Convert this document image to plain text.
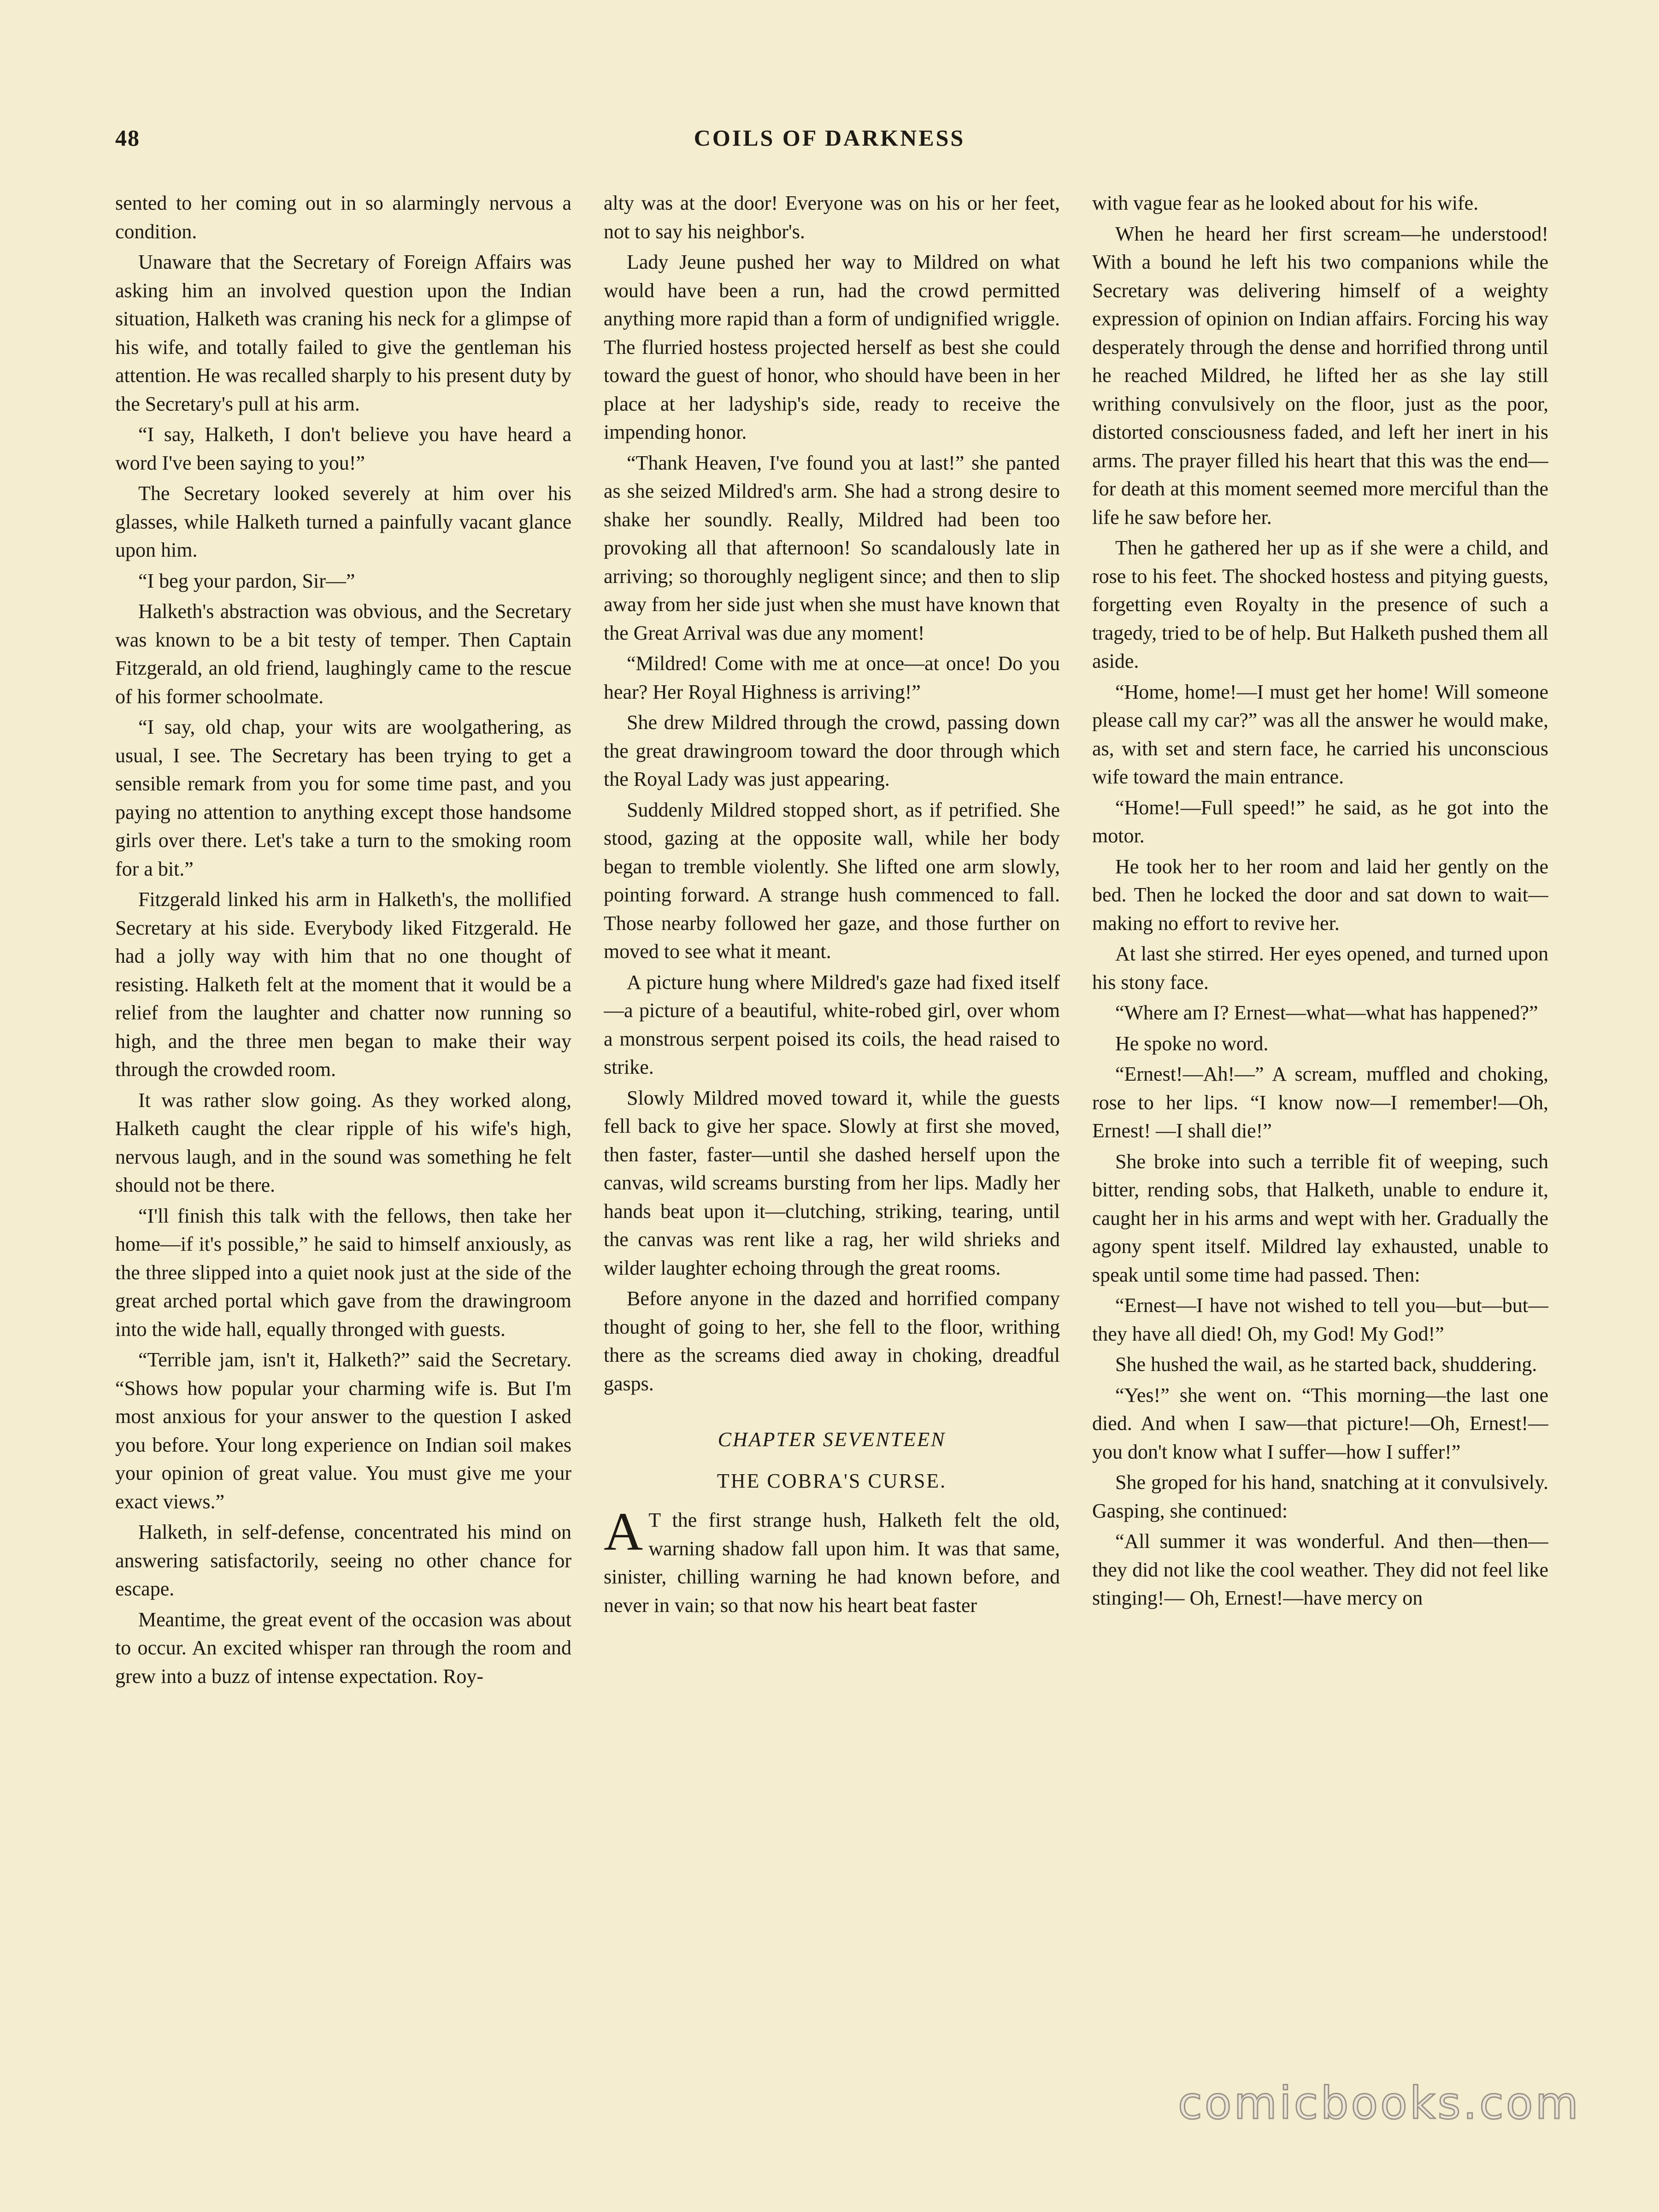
48	COILS OF DARKNESS

sented to her coming out in so alarmingly nervous a condition.

Unaware that the Secretary of Foreign Affairs was asking him an involved question upon the Indian situation, Halketh was craning his neck for a glimpse of his wife, and totally failed to give the gentleman his attention. He was recalled sharply to his present duty by the Secretary's pull at his arm.

“I say, Halketh, I don't believe you have heard a word I've been saying to you!”

The Secretary looked severely at him over his glasses, while Halketh turned a painfully vacant glance upon him.

“I beg your pardon, Sir—”

Halketh's abstraction was obvious, and the Secretary was known to be a bit testy of temper. Then Captain Fitzgerald, an old friend, laughingly came to the rescue of his former schoolmate.

“I say, old chap, your wits are woolgathering, as usual, I see. The Secretary has been trying to get a sensible remark from you for some time past, and you paying no attention to anything except those handsome girls over there. Let's take a turn to the smoking room for a bit.”

Fitzgerald linked his arm in Halketh's, the mollified Secretary at his side. Everybody liked Fitzgerald. He had a jolly way with him that no one thought of resisting. Halketh felt at the moment that it would be a relief from the laughter and chatter now running so high, and the three men began to make their way through the crowded room.

It was rather slow going. As they worked along, Halketh caught the clear ripple of his wife's high, nervous laugh, and in the sound was something he felt should not be there.

“I'll finish this talk with the fellows, then take her home—if it's possible,” he said to himself anxiously, as the three slipped into a quiet nook just at the side of the great arched portal which gave from the drawingroom into the wide hall, equally thronged with guests.

“Terrible jam, isn't it, Halketh?” said the Secretary. “Shows how popular your charming wife is. But I'm most anxious for your answer to the question I asked you before. Your long experience on Indian soil makes your opinion of great value. You must give me your exact views.”

Halketh, in self-defense, concentrated his mind on answering satisfactorily, seeing no other chance for escape.

Meantime, the great event of the occasion was about to occur. An excited whisper ran through the room and grew into a buzz of intense expectation. Roy-

alty was at the door! Everyone was on his or her feet, not to say his neighbor's.

Lady Jeune pushed her way to Mildred on what would have been a run, had the crowd permitted anything more rapid than a form of undignified wriggle. The flurried hostess projected herself as best she could toward the guest of honor, who should have been in her place at her ladyship's side, ready to receive the impending honor.

“Thank Heaven, I've found you at last!” she panted as she seized Mildred's arm. She had a strong desire to shake her soundly. Really, Mildred had been too provoking all that afternoon! So scandalously late in arriving; so thoroughly negligent since; and then to slip away from her side just when she must have known that the Great Arrival was due any moment!

“Mildred! Come with me at once—at once! Do you hear? Her Royal Highness is arriving!”

She drew Mildred through the crowd, passing down the great drawingroom toward the door through which the Royal Lady was just appearing.

Suddenly Mildred stopped short, as if petrified. She stood, gazing at the opposite wall, while her body began to tremble violently. She lifted one arm slowly, pointing forward. A strange hush commenced to fall. Those nearby followed her gaze, and those further on moved to see what it meant.

A picture hung where Mildred's gaze had fixed itself—a picture of a beautiful, white-robed girl, over whom a monstrous serpent poised its coils, the head raised to strike.

Slowly Mildred moved toward it, while the guests fell back to give her space. Slowly at first she moved, then faster, faster—until she dashed herself upon the canvas, wild screams bursting from her lips. Madly her hands beat upon it—clutching, striking, tearing, until the canvas was rent like a rag, her wild shrieks and wilder laughter echoing through the great rooms.

Before anyone in the dazed and horrified company thought of going to her, she fell to the floor, writhing there as the screams died away in choking, dreadful gasps.

CHAPTER SEVENTEEN
THE COBRA'S CURSE.

A T the first strange hush, Halketh felt the old, warning shadow fall upon him. It was that same, sinister, chilling warning he had known before, and never in vain; so that now his heart beat faster

with vague fear as he looked about for his wife.

When he heard her first scream—he understood! With a bound he left his two companions while the Secretary was delivering himself of a weighty expression of opinion on Indian affairs. Forcing his way desperately through the dense and horrified throng until he reached Mildred, he lifted her as she lay still writhing convulsively on the floor, just as the poor, distorted consciousness faded, and left her inert in his arms. The prayer filled his heart that this was the end—for death at this moment seemed more merciful than the life he saw before her.

Then he gathered her up as if she were a child, and rose to his feet. The shocked hostess and pitying guests, forgetting even Royalty in the presence of such a tragedy, tried to be of help. But Halketh pushed them all aside.

“Home, home!—I must get her home! Will someone please call my car?” was all the answer he would make, as, with set and stern face, he carried his unconscious wife toward the main entrance.

“Home!—Full speed!” he said, as he got into the motor.

He took her to her room and laid her gently on the bed. Then he locked the door and sat down to wait—making no effort to revive her.

At last she stirred. Her eyes opened, and turned upon his stony face.

“Where am I? Ernest—what—what has happened?”

He spoke no word.

“Ernest!—Ah!—” A scream, muffled and choking, rose to her lips. “I know now—I remember!—Oh, Ernest! —I shall die!”

She broke into such a terrible fit of weeping, such bitter, rending sobs, that Halketh, unable to endure it, caught her in his arms and wept with her. Gradually the agony spent itself. Mildred lay exhausted, unable to speak until some time had passed. Then:

“Ernest—I have not wished to tell you—but—but—they have all died! Oh, my God! My God!”

She hushed the wail, as he started back, shuddering.

“Yes!” she went on. “This morning—the last one died. And when I saw—that picture!—Oh, Ernest!—you don't know what I suffer—how I suffer!”

She groped for his hand, snatching at it convulsively. Gasping, she continued:

“All summer it was wonderful. And then—then—they did not like the cool weather. They did not feel like stinging!— Oh, Ernest!—have mercy on

comicbooks.com
